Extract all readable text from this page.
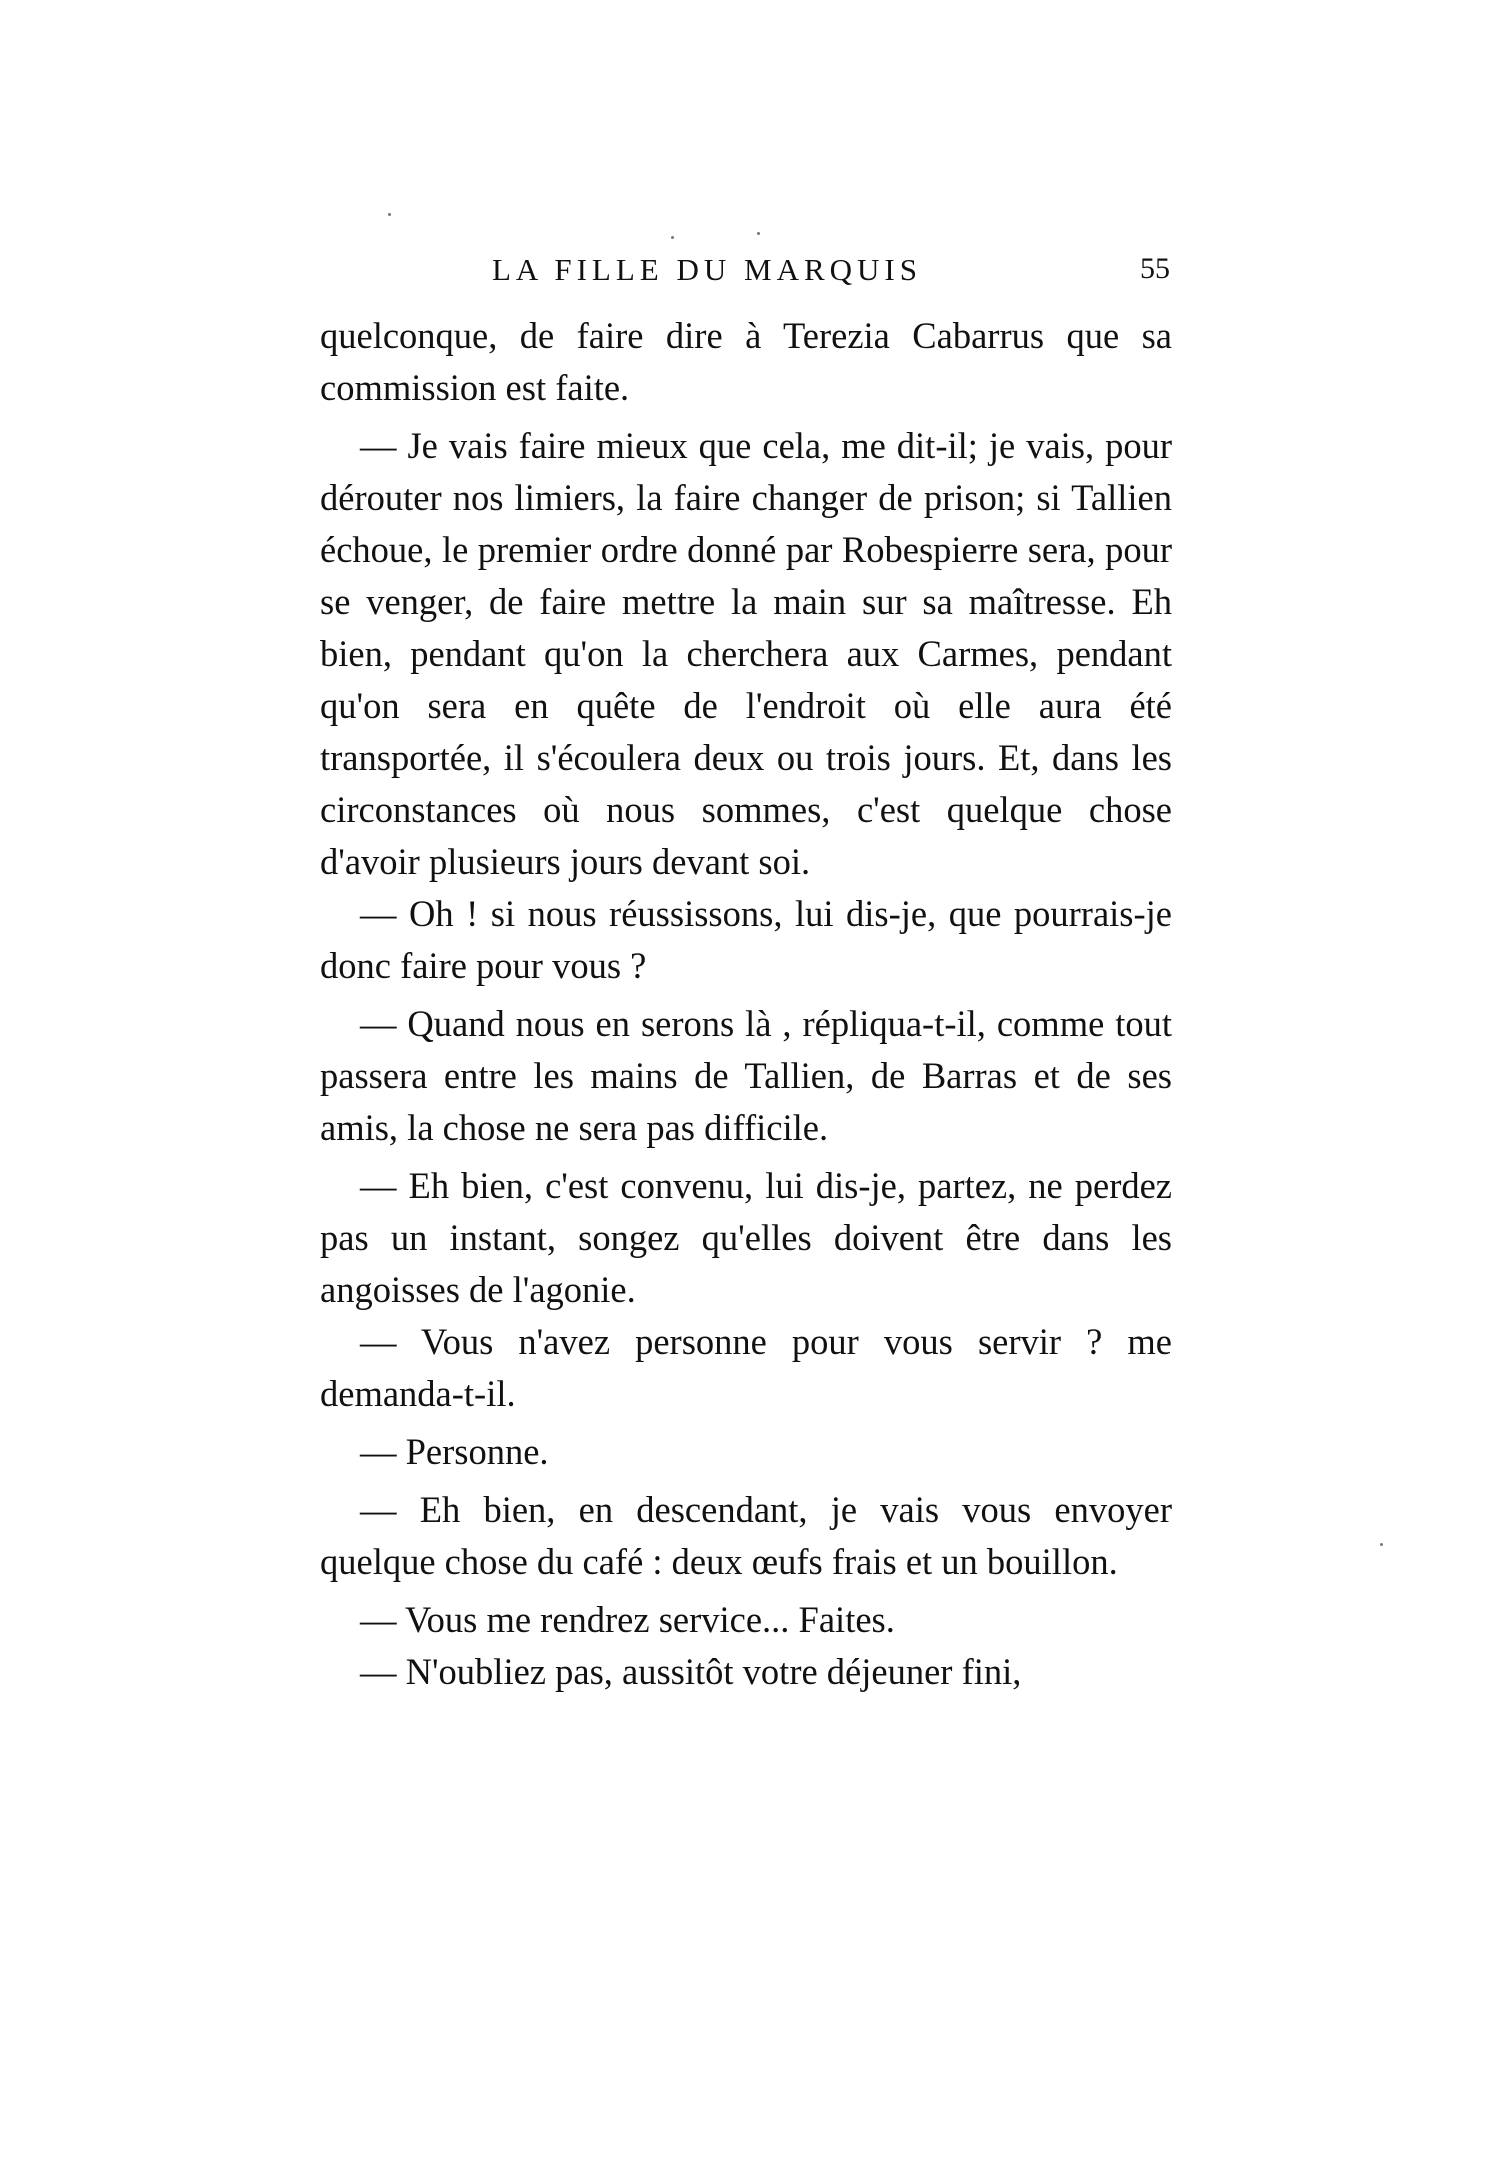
LA FILLE DU MARQUIS	55

quelconque, de faire dire à Terezia Cabarrus que sa commission est faite.

— Je vais faire mieux que cela, me dit-il; je vais, pour dérouter nos limiers, la faire changer de prison; si Tallien échoue, le premier ordre donné par Robespierre sera, pour se venger, de faire mettre la main sur sa maîtresse. Eh bien, pendant qu'on la cherchera aux Carmes, pendant qu'on sera en quête de l'endroit où elle aura été transportée, il s'écoulera deux ou trois jours. Et, dans les circonstances où nous sommes, c'est quelque chose d'avoir plusieurs jours devant soi.

— Oh ! si nous réussissons, lui dis-je, que pourrais-je donc faire pour vous ?

— Quand nous en serons là , répliqua-t-il, comme tout passera entre les mains de Tallien, de Barras et de ses amis, la chose ne sera pas difficile.

— Eh bien, c'est convenu, lui dis-je, partez, ne perdez pas un instant, songez qu'elles doivent être dans les angoisses de l'agonie.

— Vous n'avez personne pour vous servir ? me demanda-t-il.

— Personne.

— Eh bien, en descendant, je vais vous envoyer quelque chose du café : deux œufs frais et un bouillon.

— Vous me rendrez service... Faites.

— N'oubliez pas, aussitôt votre déjeuner fini,
